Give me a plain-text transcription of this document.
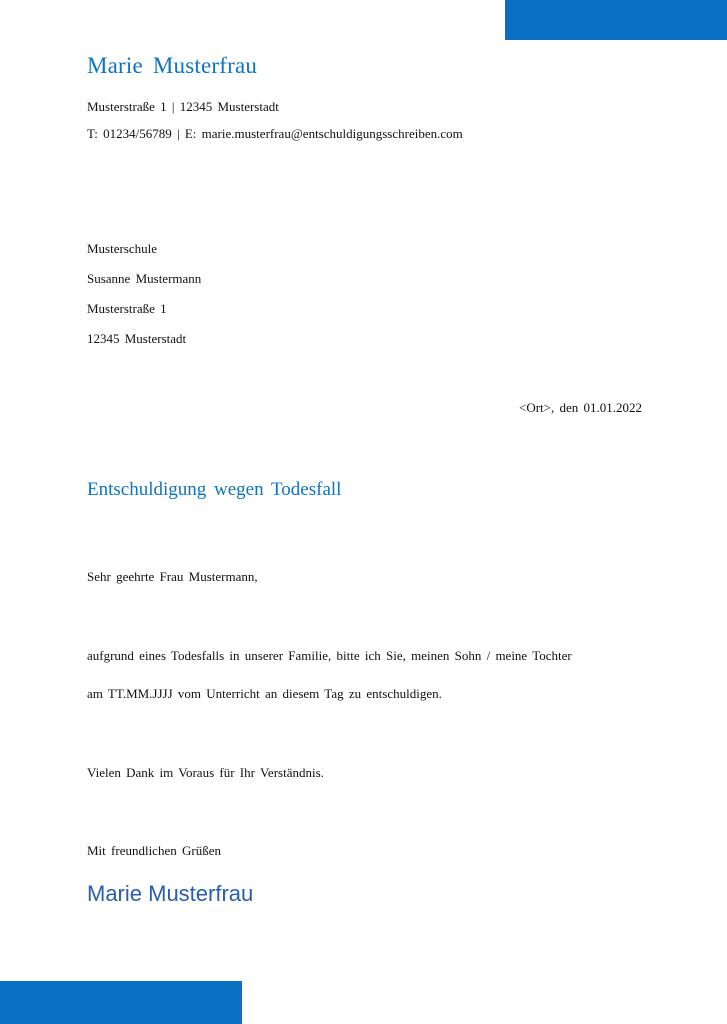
Marie Musterfrau

Musterstraße 1 | 12345 Musterstadt

T: 01234/56789 | E: marie.musterfrau@entschuldigungsschreiben.com

Musterschule

Susanne Mustermann

Musterstraße 1

12345 Musterstadt

<Ort>, den 01.01.2022

Entschuldigung wegen Todesfall

Sehr geehrte Frau Mustermann,

aufgrund eines Todesfalls in unserer Familie, bitte ich Sie, meinen Sohn / meine Tochter

am TT.MM.JJJJ vom Unterricht an diesem Tag zu entschuldigen.

Vielen Dank im Voraus für Ihr Verständnis.

Mit freundlichen Grüßen

Marie Musterfrau
